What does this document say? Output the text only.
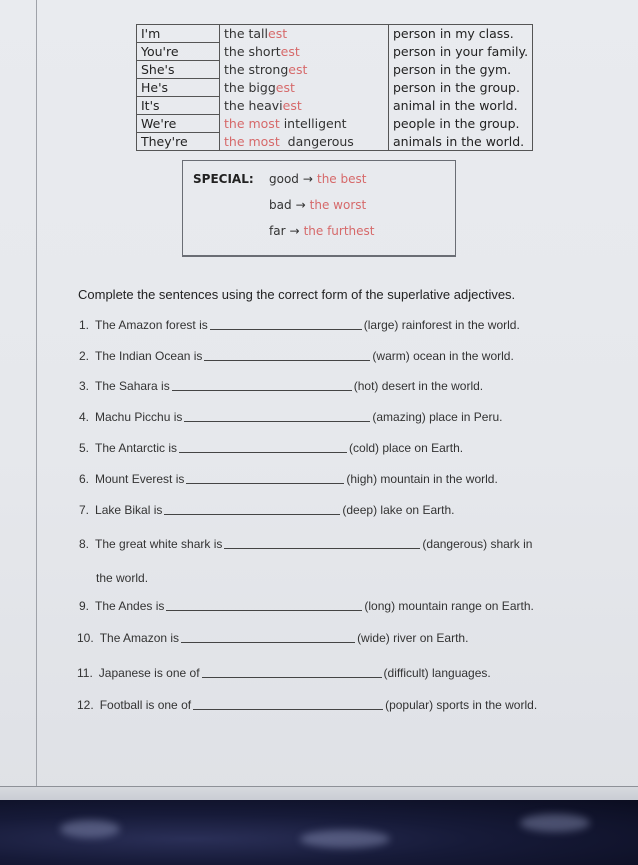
I'm	the tallest	person in my class.
You're	the shortest	person in your family.
She's	the strongest	person in the gym.
He's	the biggest	person in the group.
It's	the heaviest	animal in the world.
We're	the most intelligent	people in the group.
They're	the most  dangerous	animals in the world.
SPECIAL: good → the best
bad → the worst
far → the furthest
Complete the sentences using the correct form of the superlative adjectives.
1. The Amazon forest is	(large) rainforest in the world.
2. The Indian Ocean is	(warm) ocean in the world.
3. The Sahara is	(hot) desert in the world.
4. Machu Picchu is	(amazing) place in Peru.
5. The Antarctic is	(cold) place on Earth.
6. Mount Everest is	(high) mountain in the world.
7. Lake Bikal is	(deep) lake on Earth.
8. The great white shark is	(dangerous) shark in
the world.
9. The Andes is	(long) mountain range on Earth.
10. The Amazon is	(wide) river on Earth.
11. Japanese is one of	(difficult) languages.
12. Football is one of	(popular) sports in the world.
